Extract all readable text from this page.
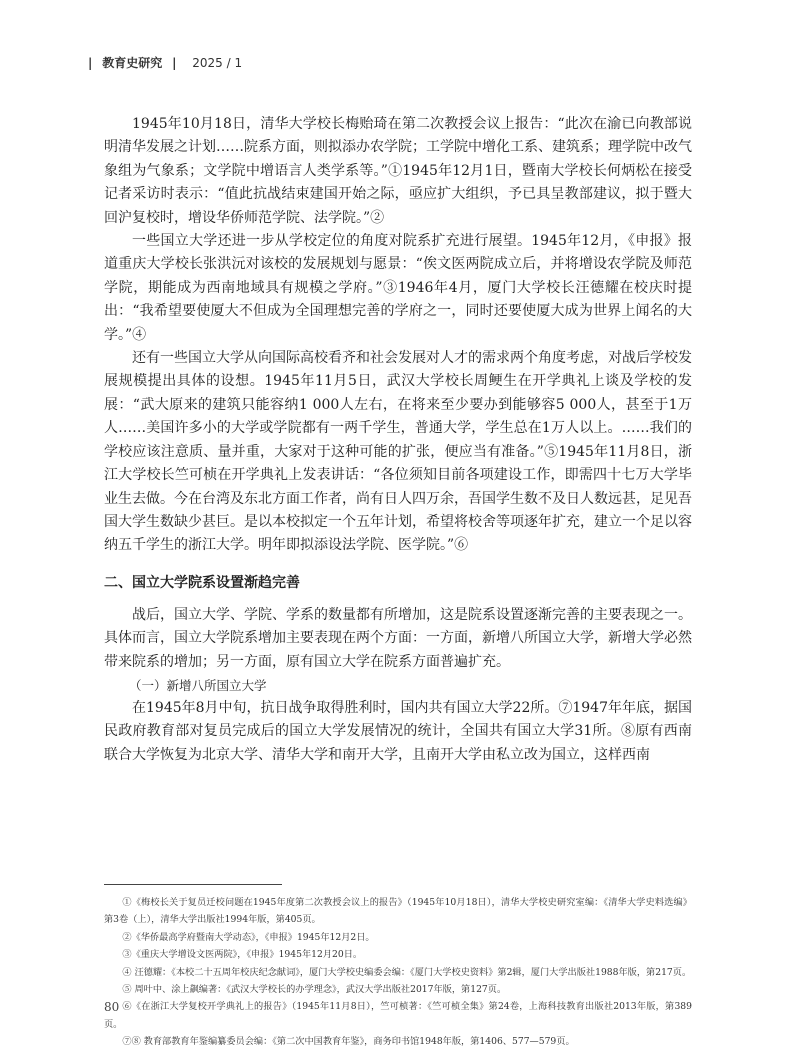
| 教育史研究 | 2025 / 1

1945年10月18日，清华大学校长梅贻琦在第二次教授会议上报告：“此次在渝已向教部说明清华发展之计划……院系方面，则拟添办农学院；工学院中增化工系、建筑系；理学院中改气象组为气象系；文学院中增语言人类学系等。”①1945年12月1日，暨南大学校长何炳松在接受记者采访时表示：“值此抗战结束建国开始之际，亟应扩大组织，予已具呈教部建议，拟于暨大回沪复校时，增设华侨师范学院、法学院。”②

一些国立大学还进一步从学校定位的角度对院系扩充进行展望。1945年12月，《申报》报道重庆大学校长张洪沅对该校的发展规划与愿景：“俟文医两院成立后，并将增设农学院及师范学院，期能成为西南地域具有规模之学府。”③1946年4月，厦门大学校长汪德耀在校庆时提出：“我希望要使厦大不但成为全国理想完善的学府之一，同时还要使厦大成为世界上闻名的大学。”④

还有一些国立大学从向国际高校看齐和社会发展对人才的需求两个角度考虑，对战后学校发展规模提出具体的设想。1945年11月5日，武汉大学校长周鲠生在开学典礼上谈及学校的发展：“武大原来的建筑只能容纳1 000人左右，在将来至少要办到能够容5 000人，甚至于1万人……美国许多小的大学或学院都有一两千学生，普通大学，学生总在1万人以上。……我们的学校应该注意质、量并重，大家对于这种可能的扩张，便应当有准备。”⑤1945年11月8日，浙江大学校长竺可桢在开学典礼上发表讲话：“各位须知目前各项建设工作，即需四十七万大学毕业生去做。今在台湾及东北方面工作者，尚有日人四万余，吾国学生数不及日人数远甚，足见吾国大学生数缺少甚巨。是以本校拟定一个五年计划，希望将校舍等项逐年扩充，建立一个足以容纳五千学生的浙江大学。明年即拟添设法学院、医学院。”⑥

二、国立大学院系设置渐趋完善

战后，国立大学、学院、学系的数量都有所增加，这是院系设置逐渐完善的主要表现之一。具体而言，国立大学院系增加主要表现在两个方面：一方面，新增八所国立大学，新增大学必然带来院系的增加；另一方面，原有国立大学在院系方面普遍扩充。

（一）新增八所国立大学

在1945年8月中旬，抗日战争取得胜利时，国内共有国立大学22所。⑦1947年年底，据国民政府教育部对复员完成后的国立大学发展情况的统计，全国共有国立大学31所。⑧原有西南联合大学恢复为北京大学、清华大学和南开大学，且南开大学由私立改为国立，这样西南

①《梅校长关于复员迁校问题在1945年度第二次教授会议上的报告》（1945年10月18日），清华大学校史研究室编：《清华大学史料选编》第3卷（上），清华大学出版社1994年版，第405页。

②《华侨最高学府暨南大学动态》，《申报》1945年12月2日。

③《重庆大学增设文医两院》，《申报》1945年12月20日。

④ 汪德耀：《本校二十五周年校庆纪念献词》，厦门大学校史编委会编：《厦门大学校史资料》第2辑，厦门大学出版社1988年版，第217页。

⑤ 周叶中、涂上飙编著：《武汉大学校长的办学理念》，武汉大学出版社2017年版，第127页。

⑥《在浙江大学复校开学典礼上的报告》（1945年11月8日），竺可桢著：《竺可桢全集》第24卷，上海科技教育出版社2013年版，第389页。

⑦⑧ 教育部教育年鉴编纂委员会编：《第二次中国教育年鉴》，商务印书馆1948年版，第1406、577—579页。

80
